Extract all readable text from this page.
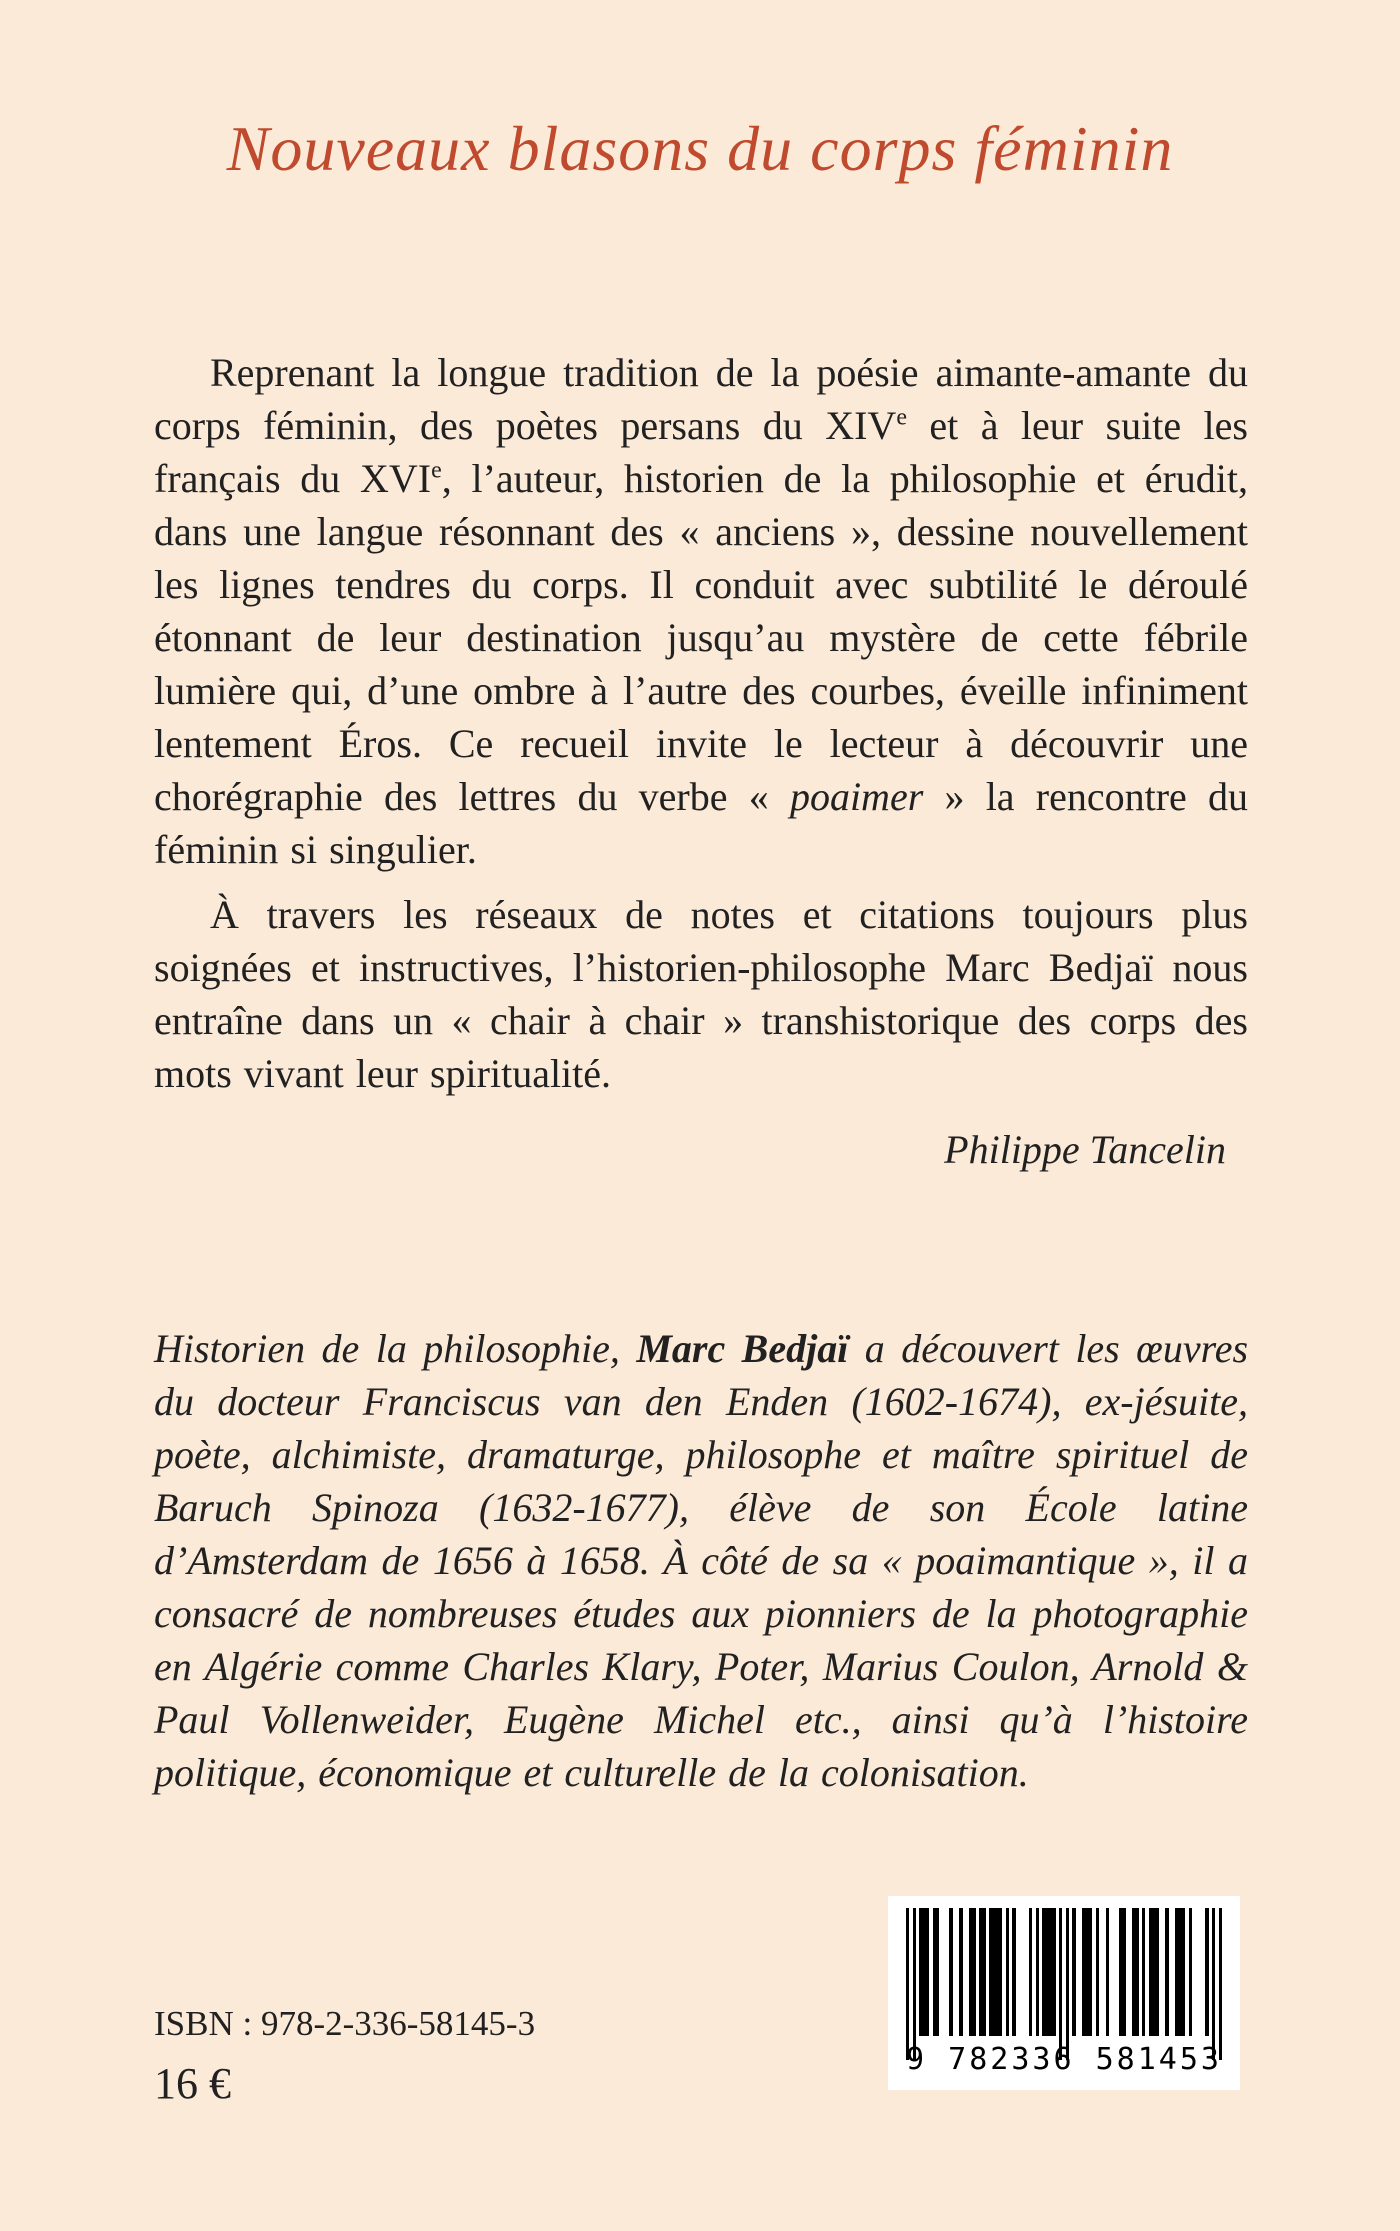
Nouveaux blasons du corps féminin

Reprenant la longue tradition de la poésie aimante-amante du corps féminin, des poètes persans du XIVe et à leur suite les français du XVIe, l’auteur, historien de la philosophie et érudit, dans une langue résonnant des « anciens », dessine nouvellement les lignes tendres du corps. Il conduit avec subtilité le déroulé étonnant de leur destination jusqu’au mystère de cette fébrile lumière qui, d’une ombre à l’autre des courbes, éveille infiniment lentement Éros. Ce recueil invite le lecteur à découvrir une chorégraphie des lettres du verbe « poaimer » la rencontre du féminin si singulier.

À travers les réseaux de notes et citations toujours plus soignées et instructives, l’historien-philosophe Marc Bedjaï nous entraîne dans un « chair à chair » transhistorique des corps des mots vivant leur spiritualité.

Philippe Tancelin
Historien de la philosophie, Marc Bedjaï a découvert les œuvres du docteur Franciscus van den Enden (1602-1674), ex-jésuite, poète, alchimiste, dramaturge, philosophe et maître spirituel de Baruch Spinoza (1632-1677), élève de son École latine d’Amsterdam de 1656 à 1658. À côté de sa « poaimantique », il a consacré de nombreuses études aux pionniers de la photographie en Algérie comme Charles Klary, Poter, Marius Coulon, Arnold & Paul Vollenweider, Eugène Michel etc., ainsi qu’à l’histoire politique, économique et culturelle de la colonisation.
ISBN : 978-2-336-58145-3
16 €	9 782336 581453
